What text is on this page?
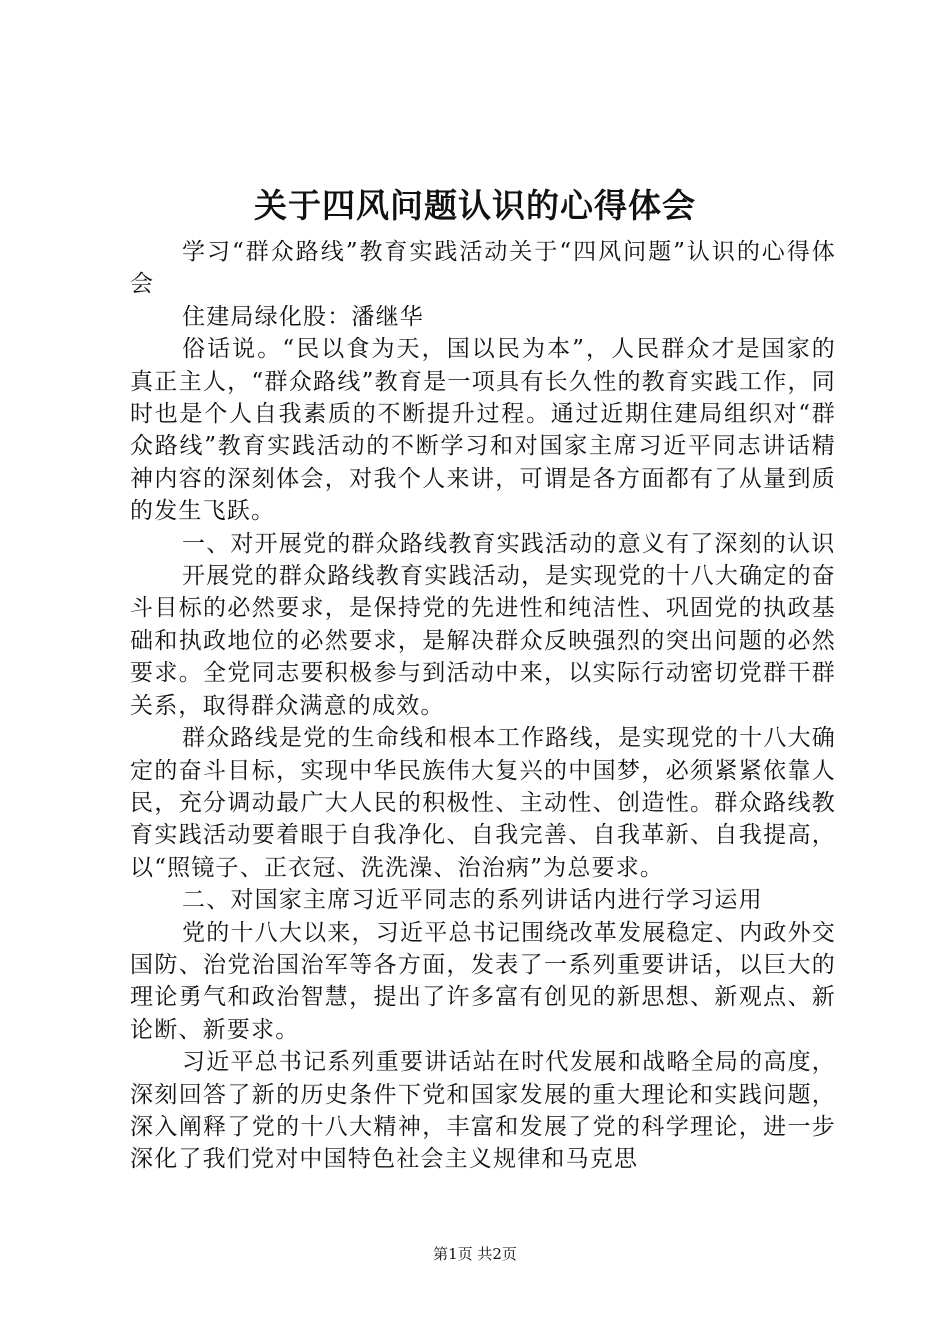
关于四风问题认识的心得体会

学习“群众路线”教育实践活动关于“四风问题”认识的心得体会

住建局绿化股：潘继华

俗话说。“民以食为天，国以民为本”，人民群众才是国家的真正主人，“群众路线”教育是一项具有长久性的教育实践工作，同时也是个人自我素质的不断提升过程。通过近期住建局组织对“群众路线”教育实践活动的不断学习和对国家主席习近平同志讲话精神内容的深刻体会，对我个人来讲，可谓是各方面都有了从量到质的发生飞跃。

一、对开展党的群众路线教育实践活动的意义有了深刻的认识

开展党的群众路线教育实践活动，是实现党的十八大确定的奋斗目标的必然要求，是保持党的先进性和纯洁性、巩固党的执政基础和执政地位的必然要求，是解决群众反映强烈的突出问题的必然要求。全党同志要积极参与到活动中来，以实际行动密切党群干群关系，取得群众满意的成效。

群众路线是党的生命线和根本工作路线，是实现党的十八大确定的奋斗目标，实现中华民族伟大复兴的中国梦，必须紧紧依靠人民，充分调动最广大人民的积极性、主动性、创造性。群众路线教育实践活动要着眼于自我净化、自我完善、自我革新、自我提高，以“照镜子、正衣冠、洗洗澡、治治病”为总要求。

二、对国家主席习近平同志的系列讲话内进行学习运用

党的十八大以来，习近平总书记围绕改革发展稳定、内政外交国防、治党治国治军等各方面，发表了一系列重要讲话，以巨大的理论勇气和政治智慧，提出了许多富有创见的新思想、新观点、新论断、新要求。

习近平总书记系列重要讲话站在时代发展和战略全局的高度，深刻回答了新的历史条件下党和国家发展的重大理论和实践问题，深入阐释了党的十八大精神，丰富和发展了党的科学理论，进一步深化了我们党对中国特色社会主义规律和马克思

第1页 共2页
